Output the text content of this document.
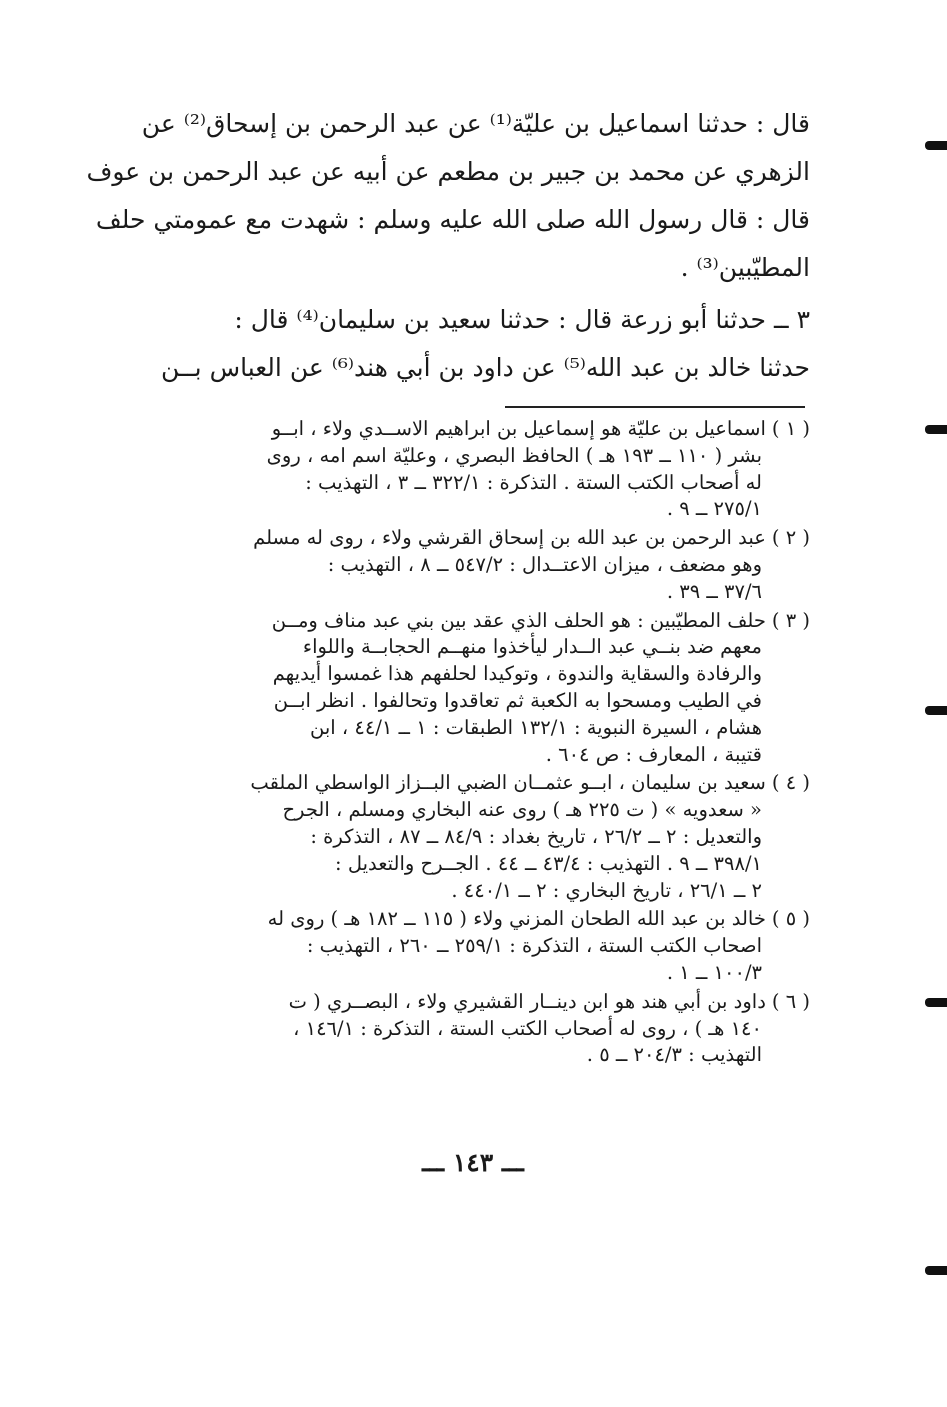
قال : حدثنا اسماعيل بن عليّة⁽¹⁾ عن عبد الرحمن بن إسحاق⁽²⁾ عن
الزهري عن محمد بن جبير بن مطعم عن أبيه عن عبد الرحمن بن عوف
قال : قال رسول الله صلى الله عليه وسلم : شهدت مع عمومتي حلف
المطيّبين⁽³⁾ .
٣ ــ حدثنا أبو زرعة قال : حدثنا سعيد بن سليمان⁽⁴⁾ قال :
حدثنا خالد بن عبد الله⁽⁵⁾ عن داود بن أبي هند⁽⁶⁾ عن العباس بــن
( ١ )اسماعيل بن عليّة هو إسماعيل بن ابراهيم الاســدي ولاء ، ابــو
بشر ( ١١٠ ــ ١٩٣ هـ ) الحافظ البصري ، وعليّة اسم امه ، روى
له أصحاب الكتب الستة . التذكرة : ٣٢٢/١ ــ ٣ ، التهذيب :
٢٧٥/١ ــ ٩ .
( ٢ )عبد الرحمن بن عبد الله بن إسحاق القرشي ولاء ، روى له مسلم
وهو مضعف ، ميزان الاعتــدال : ٥٤٧/٢ ــ ٨ ، التهذيب :
٣٧/٦ ــ ٣٩ .
( ٣ )حلف المطيّبين : هو الحلف الذي عقد بين بني عبد مناف ومــن
معهم ضد بنــي عبد الــدار ليأخذوا منهــم الحجابــة واللواء
والرفادة والسقاية والندوة ، وتوكيدا لحلفهم هذا غمسوا أيديهم
في الطيب ومسحوا به الكعبة ثم تعاقدوا وتحالفوا . انظر ابــن
هشام ، السيرة النبوية : ١٣٢/١ الطبقات : ١ ــ ٤٤/١ ، ابن
قتيبة ، المعارف : ص ٦٠٤ .
( ٤ )سعيد بن سليمان ، ابــو عثمــان الضبي البــزاز الواسطي الملقب
« سعدويه » ( ت ٢٢٥ هـ ) روى عنه البخاري ومسلم ، الجرح
والتعديل : ٢ ــ ٢٦/٢ ، تاريخ بغداد : ٨٤/٩ ــ ٨٧ ، التذكرة :
٣٩٨/١ ــ ٩ . التهذيب : ٤٣/٤ ــ ٤٤ . الجــرح والتعديل :
٢ ــ ٢٦/١ ، تاريخ البخاري : ٢ ــ ٤٤٠/١ .
( ٥ )خالد بن عبد الله الطحان المزني ولاء ( ١١٥ ــ ١٨٢ هـ ) روى له
اصحاب الكتب الستة ، التذكرة : ٢٥٩/١ ــ ٢٦٠ ، التهذيب :
١٠٠/٣ ــ ١ .
( ٦ )داود بن أبي هند هو ابن دينــار القشيري ولاء ، البصــري ( ت
١٤٠ هـ ) ، روى له أصحاب الكتب الستة ، التذكرة : ١٤٦/١ ،
التهذيب : ٢٠٤/٣ ــ ٥ .
ـــ ١٤٣ ـــ
